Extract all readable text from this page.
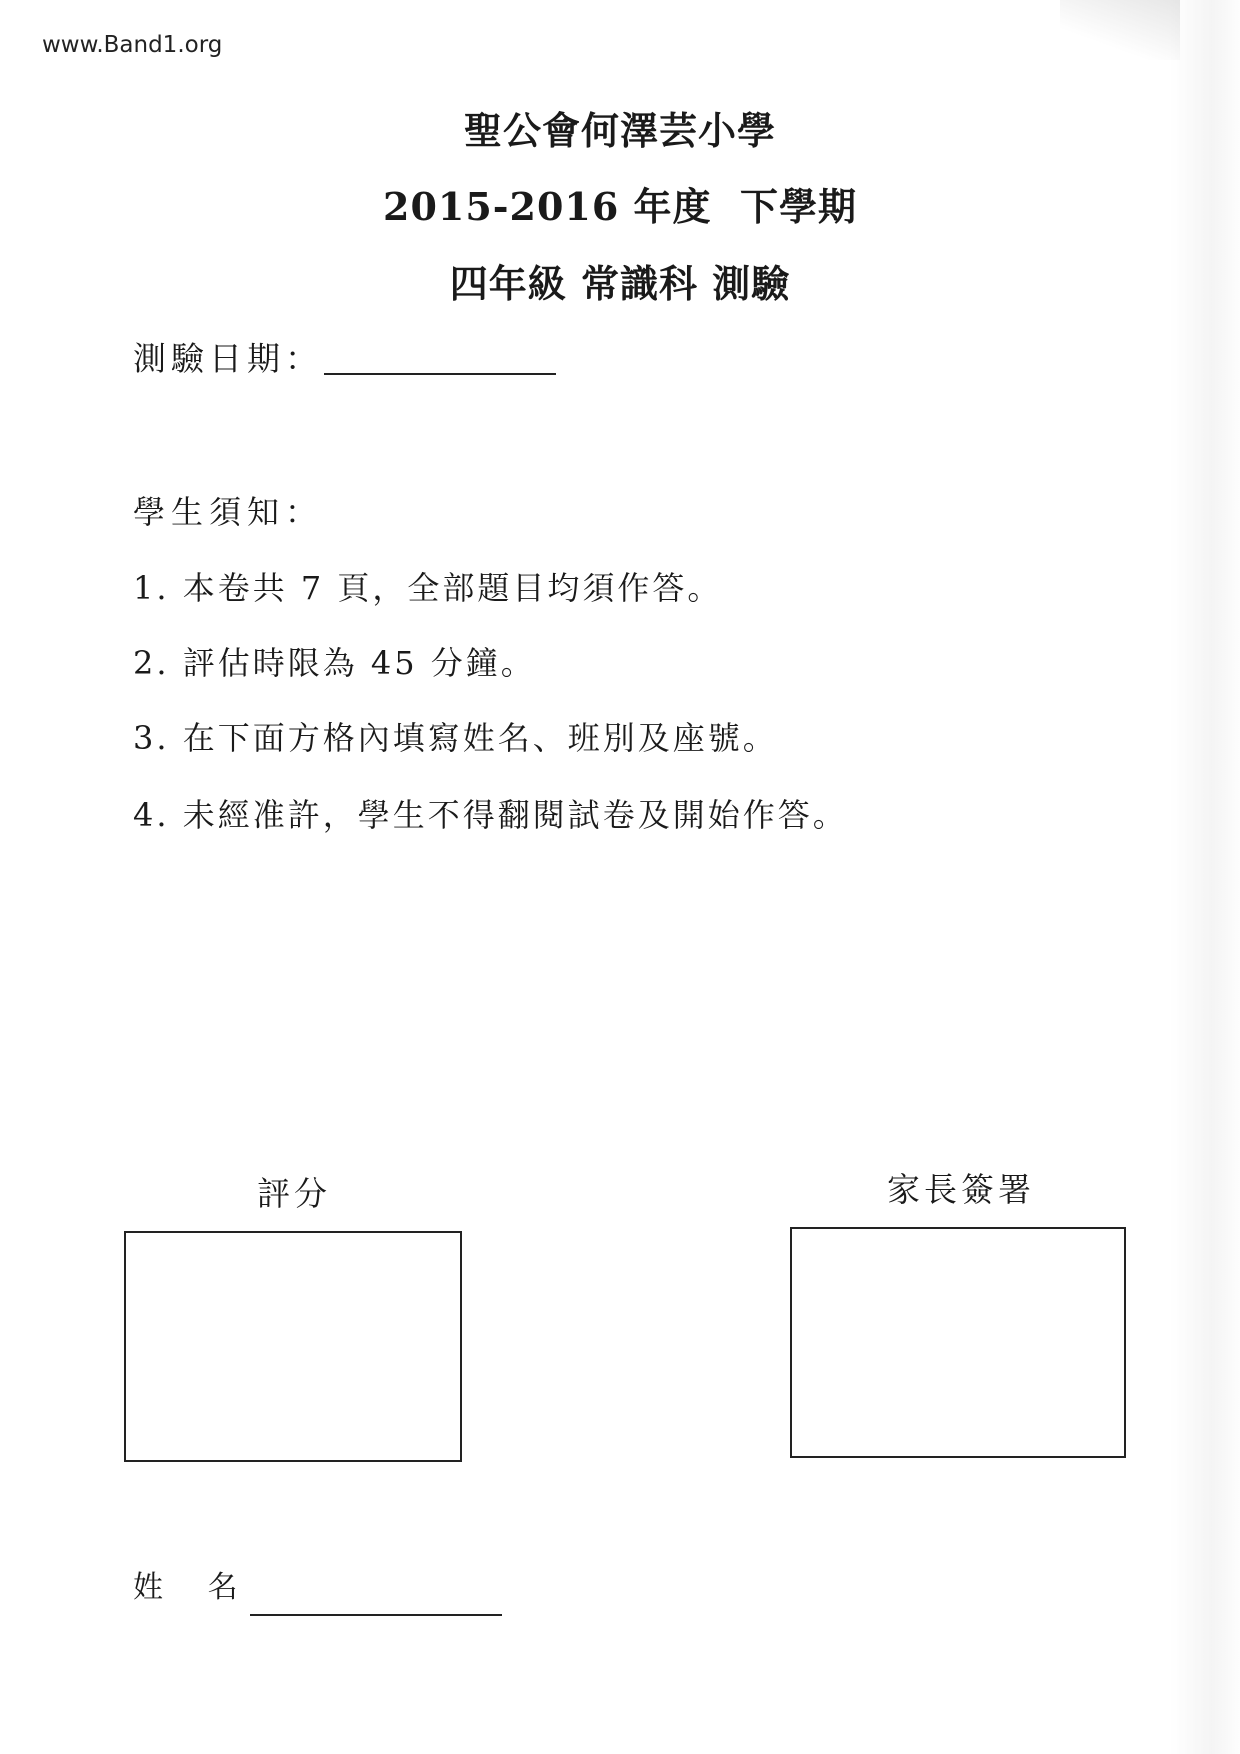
www.Band1.org
聖公會何澤芸小學
2015-2016 年度  下學期
四年級 常識科 測驗
測驗日期：
學生須知：
1. 本卷共 7 頁，全部題目均須作答。
2. 評估時限為 45 分鐘。
3. 在下面方格內填寫姓名、班別及座號。
4. 未經准許，學生不得翻閱試卷及開始作答。
評分	家長簽署
姓   名
